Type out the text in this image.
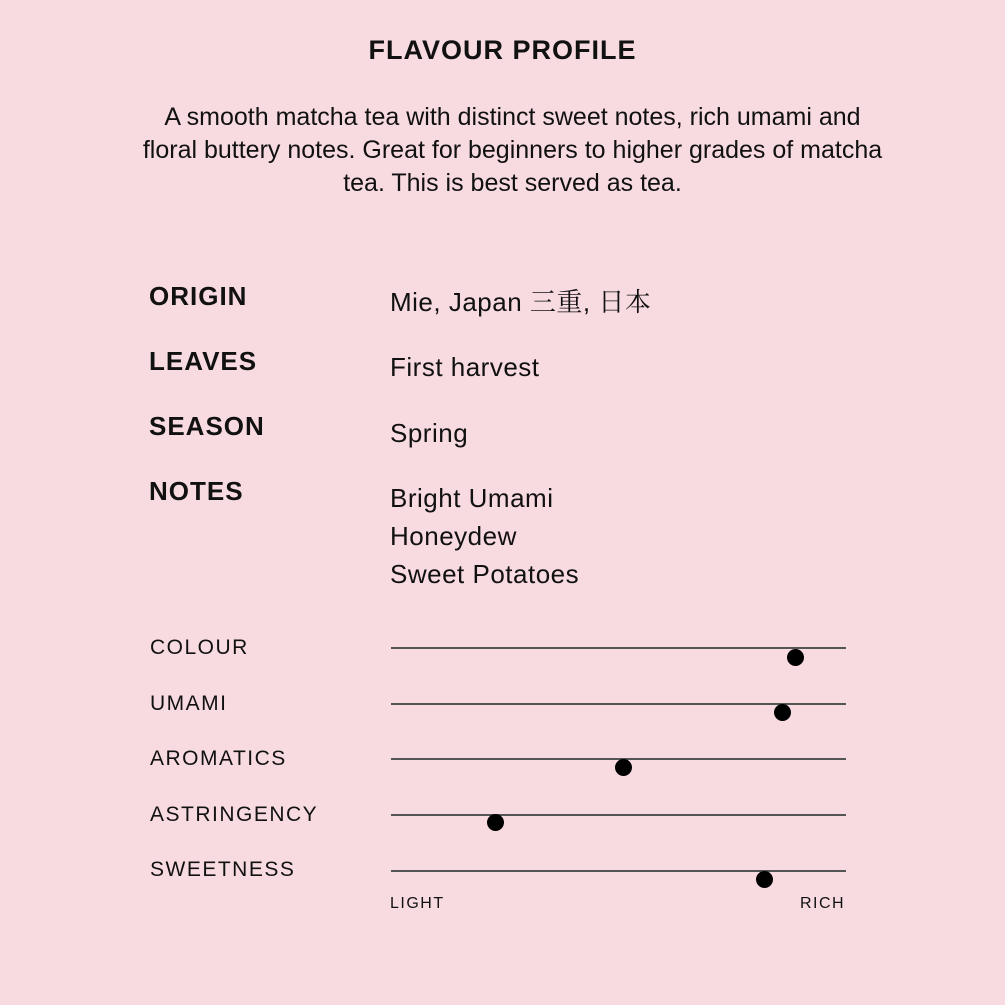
FLAVOUR PROFILE
A smooth matcha tea with distinct sweet notes, rich umami and floral buttery notes. Great for beginners to higher grades of matcha tea. This is best served as tea.
ORIGIN	Mie, Japan 三重, 日本
LEAVES	First harvest
SEASON	Spring
NOTES	Bright Umami
Honeydew
Sweet Potatoes
COLOUR
UMAMI
AROMATICS
ASTRINGENCY
SWEETNESS
LIGHT	RICH
